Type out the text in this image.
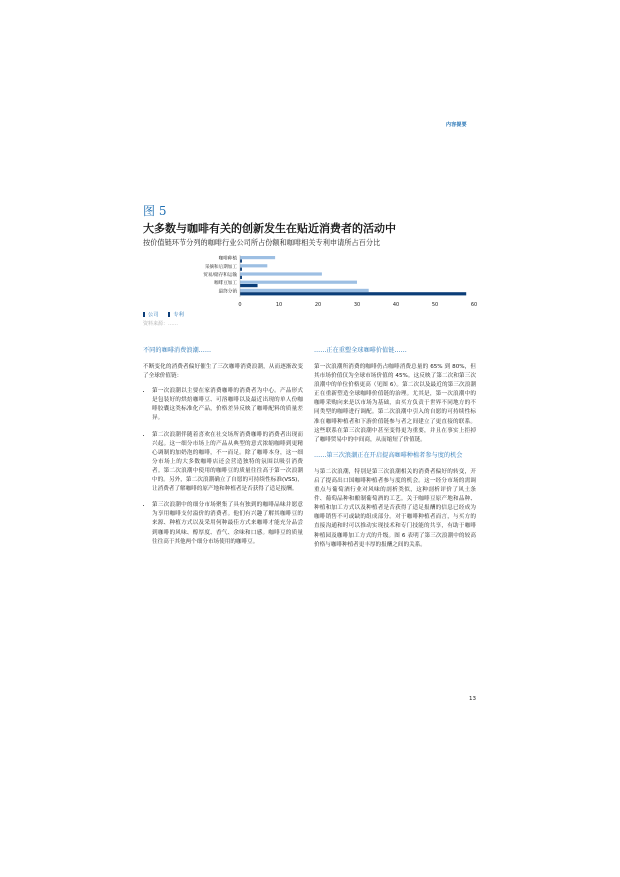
内容提要
图 5
大多数与咖啡有关的创新发生在贴近消费者的活动中
按价值链环节分列的咖啡行业公司所占份额和咖啡相关专利申请所占百分比
咖啡种植
采摘和后期加工
贸易/储存和运输
咖啡豆加工
最终分销
0	10	20	30	40	50	60
公司	专利
资料来源：……
不同的咖啡消费浪潮……

不断变化的消费者偏好催生了三次咖啡消费浪潮，从而逐渐改变了全球价值链：

• 第一次浪潮以主要在家消费咖啡的消费者为中心。产品形式是包装好的烘焙咖啡豆、可溶咖啡以及最近出现的单人份咖啡胶囊这类标准化产品，价格差异反映了咖啡配料的质量差异。
• 第二次浪潮伴随着喜欢在社交场所消费咖啡的消费者出现而兴起。这一细分市场上的产品从典型的意式浓缩咖啡到更精心调制的加奶泡的咖啡，不一而足。除了咖啡本身，这一细分市场上的大多数咖啡店还会营造独特的氛围以吸引消费者。第二次浪潮中使用的咖啡豆的质量往往高于第一次浪潮中的。另外，第二次浪潮确立了自愿的可持续性标准(VSS)，让消费者了解咖啡的原产地和种植者是否获得了适足报酬。
• 第三次浪潮中的细分市场聚集了具有独到的咖啡品味并愿意为享用咖啡支付溢价的消费者。他们有兴趣了解其咖啡豆的来源、种植方式以及采用何种最佳方式来咖啡才能充分品尝到咖啡的风味、醇厚度、香气、余味和口感。咖啡豆的质量往往高于其他两个细分市场使用的咖啡豆。
……正在重塑全球咖啡价值链……

第一次浪潮所消费的咖啡仍占咖啡消费总量的 65% 到 80%，但其市场价值仅为全球市场价值的 45%。这反映了第二次和第三次浪潮中的单位价格更高（见图 6）。第二次以及最近的第三次浪潮正在重新塑造全球咖啡价值链的治理。尤其是，第一次浪潮中的咖啡采购向来是以市场为基础，由买方负责于世界不同地方的不同类型的咖啡进行调配。第二次浪潮中引入的自愿的可持续性标准在咖啡种植者和下游价值链参与者之间建立了更直接的联系。这些联系在第三次浪潮中甚至变得更为重要，并且在事实上拒掉了咖啡贸易中的中间商，从而缩短了价值链。

……第三次浪潮正在开启提高咖啡种植者参与度的机会

与第二次浪潮，特别是第三次浪潮相关的消费者偏好的转变，开启了提高出口国咖啡种植者参与度的机会。这一经分市场的需调重点与葡萄酒行业对风味的剖析类似，这种剖析评价了风土条件、葡萄品种和酿制葡萄酒的工艺。关于咖啡豆原产地和品种、种植和加工方式以及种植者是否获得了适足报酬的信息已经成为咖啡销售不可或缺的组成部分。对于咖啡种植者而言，与买方的直接沟通和时可以推动实现技术和专门技能的共享，有助于咖啡种植园及咖啡加工方式的升级。图 6 表明了第三次浪潮中的较高价格与咖啡种植者更丰厚的报酬之间的关系。

13
